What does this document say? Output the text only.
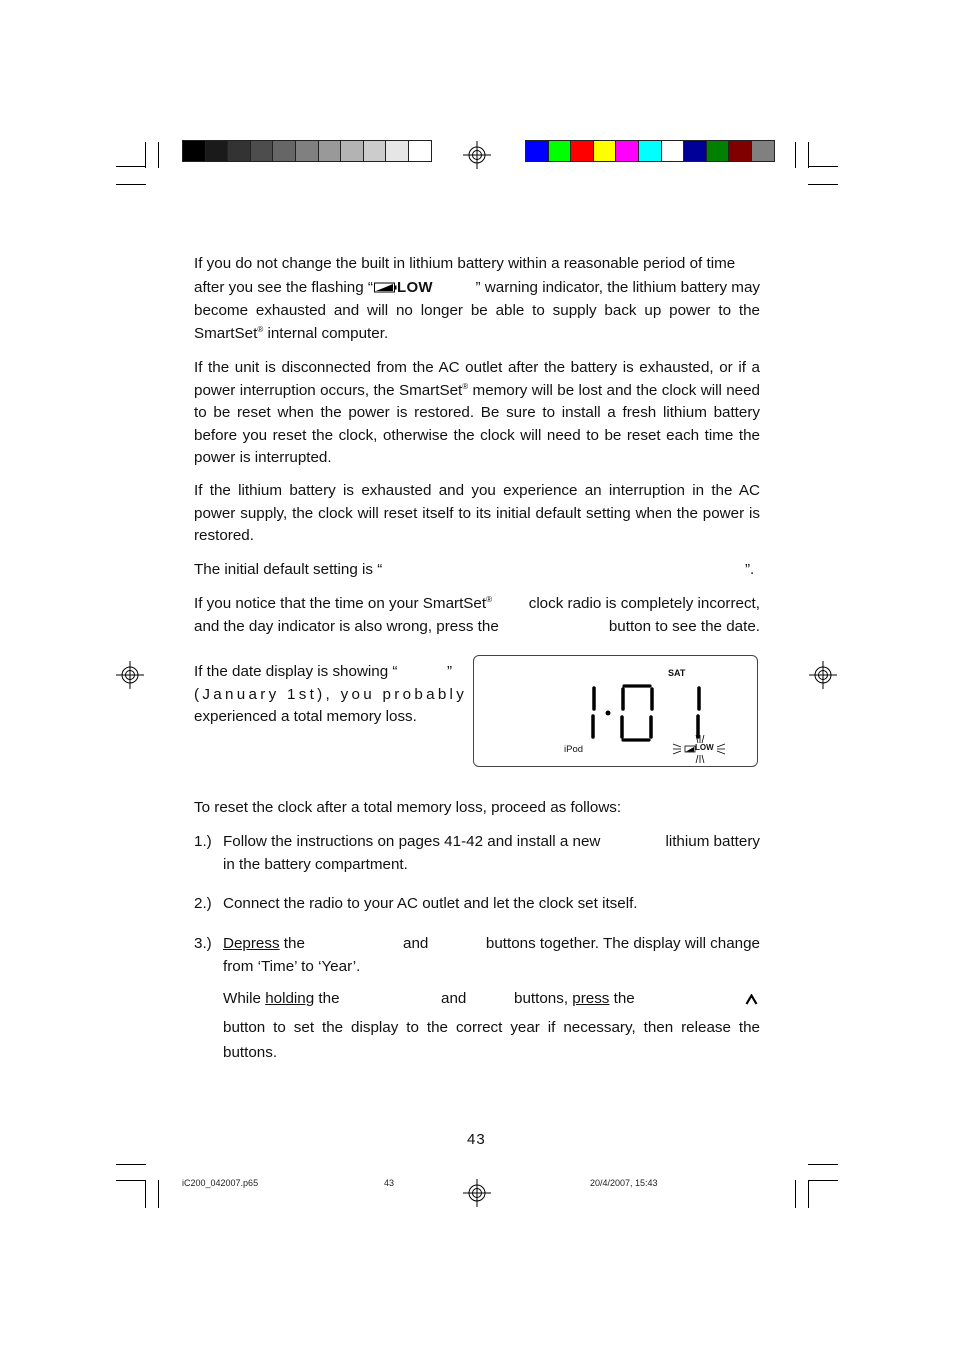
If you do not change the built in lithium battery within a reasonable period of time
after you see the flashing “ LOW	” warning indicator, the lithium battery may
become exhausted and will no longer be able to supply back up power to the
SmartSet® internal computer.
If the unit is disconnected from the AC outlet after the battery is exhausted, or if a power interruption occurs, the SmartSet® memory will be lost and the clock will need to be reset when the power is restored. Be sure to install a fresh lithium battery before you reset the clock, otherwise the clock will need to be reset each time the power is interrupted.
If the lithium battery is exhausted and you experience an interruption in the AC power supply, the clock will reset itself to its initial default setting when the power is restored.
The initial default setting is “	”.
If you notice that the time on your SmartSet® clock radio is completely incorrect,
and the day indicator is also wrong, press the	button to see the date.
If the date display is showing “	”
(January 1st), you probably
experienced a total memory loss.
SAT
iPod	LOW
To reset the clock after a total memory loss, proceed as follows:
1.) Follow the instructions on pages 41-42 and install a new	lithium battery
in the battery compartment.
2.) Connect the radio to your AC outlet and let the clock set itself.
3.) Depress the	and	buttons together. The display will change
from ‘Time’ to ‘Year’.
While holding the	and	buttons, press the
button to set the display to the correct year if necessary, then release the
buttons.
43
iC200_042007.p65	43	20/4/2007, 15:43
